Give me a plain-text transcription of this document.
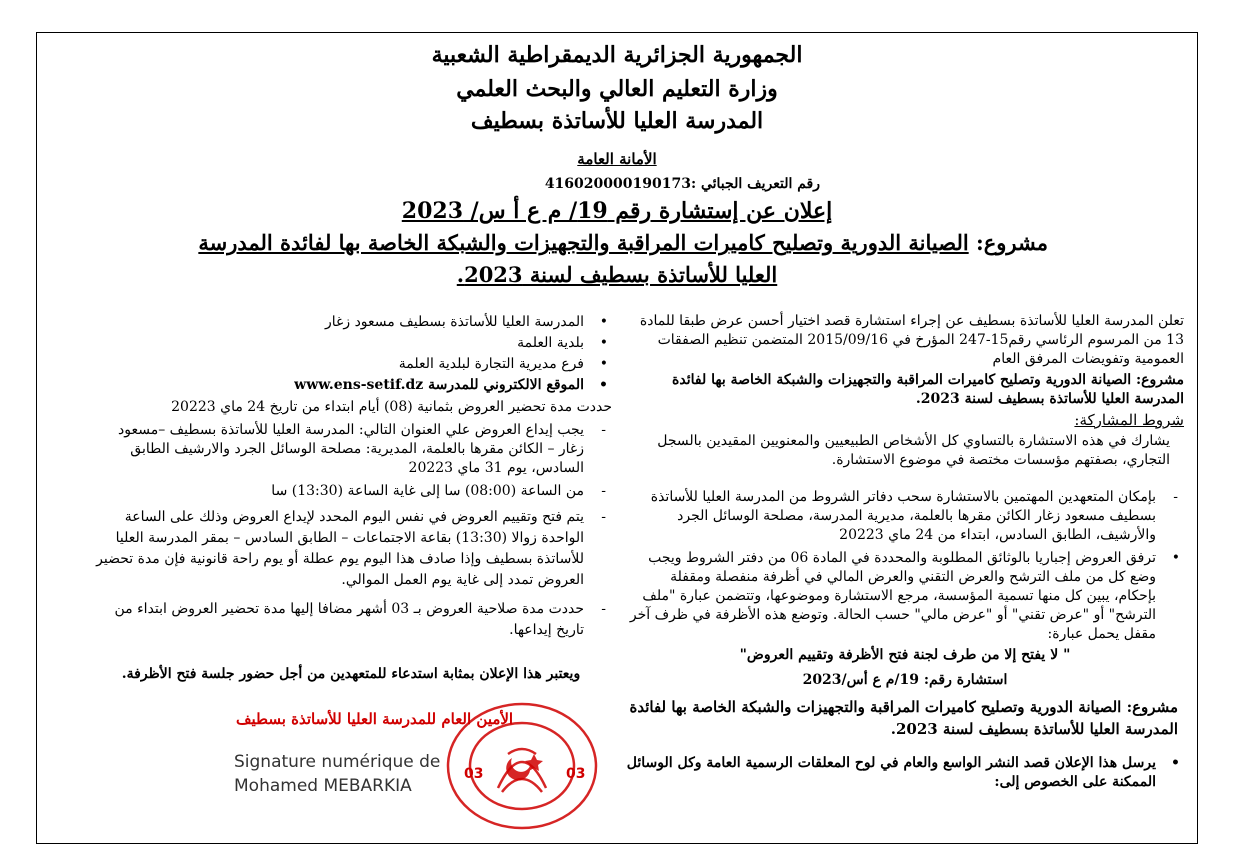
الجمهورية الجزائرية الديمقراطية الشعبية
وزارة التعليم العالي والبحث العلمي
المدرسة العليا للأساتذة بسطيف
الأمانة العامة
رقم التعريف الجبائي :416020000190173
إعلان عن إستشارة رقم 19/ م ع أ س/ 2023
مشروع: الصيانة الدورية وتصليح كاميرات المراقبة والتجهيزات والشبكة الخاصة بها لفائدة المدرسة
العليا للأساتذة بسطيف لسنة 2023.

تعلن المدرسة العليا للأساتذة بسطيف عن إجراء استشارة قصد اختيار أحسن عرض طبقا للمادة 13 من المرسوم الرئاسي رقم15-247 المؤرخ في 2015/09/16 المتضمن تنظيم الصفقات العمومية وتفويضات المرفق العام

مشروع: الصيانة الدورية وتصليح كاميرات المراقبة والتجهيزات والشبكة الخاصة بها لفائدة المدرسة العليا للأساتذة بسطيف لسنة 2023.

شروط المشاركة:

يشارك في هذه الاستشارة بالتساوي كل الأشخاص الطبيعيين والمعنويين المقيدين بالسجل التجاري، بصفتهم مؤسسات مختصة في موضوع الاستشارة.

-
بإمكان المتعهدين المهتمين بالاستشارة سحب دفاتر الشروط من المدرسة العليا للأساتذة بسطيف مسعود زغار الكائن مقرها بالعلمة، مديرية المدرسة، مصلحة الوسائل الجرد والأرشيف، الطابق السادس، ابتداء من 24 ماي 20223

•
ترفق العروض إجباريا بالوثائق المطلوبة والمحددة في المادة 06 من دفتر الشروط ويجب وضع كل من ملف الترشح والعرض التقني والعرض المالي في أظرفة منفصلة ومقفلة بإحكام، يبين كل منها تسمية المؤسسة، مرجع الاستشارة وموضوعها، وتتضمن عبارة "ملف الترشح" أو "عرض تقني" أو "عرض مالي" حسب الحالة. وتوضع هذه الأظرفة في ظرف آخر مقفل يحمل عبارة:

" لا يفتح إلا من طرف لجنة فتح الأظرفة وتقييم العروض"

استشارة رقم: 19/م ع أس/2023

مشروع: الصيانة الدورية وتصليح كاميرات المراقبة والتجهيزات والشبكة الخاصة بها لفائدة المدرسة العليا للأساتذة بسطيف لسنة 2023.

•
يرسل هذا الإعلان قصد النشر الواسع والعام في لوح المعلقات الرسمية العامة وكل الوسائل الممكنة على الخصوص إلى:

•
المدرسة العليا للأساتذة بسطيف مسعود زغار

•
بلدية العلمة

•
فرع مديرية التجارة لبلدية العلمة

•
الموقع الالكتروني للمدرسة www.ens-setif.dz

حددت مدة تحضير العروض بثمانية (08) أيام ابتداء من تاريخ 24 ماي 20223

-
يجب إيداع العروض علي العنوان التالي: المدرسة العليا للأساتذة بسطيف –مسعود زغار – الكائن مقرها بالعلمة، المديرية: مصلحة الوسائل الجرد والارشيف الطابق السادس، يوم 31 ماي 20223

-
من الساعة (08:00) سا إلى غاية الساعة (13:30) سا

-
يتم فتح وتقييم العروض في نفس اليوم المحدد لإيداع العروض وذلك على الساعة الواحدة زوالا (13:30) بقاعة الاجتماعات – الطابق السادس – بمقر المدرسة العليا للأساتذة بسطيف وإذا صادف هذا اليوم يوم عطلة أو يوم راحة قانونية فإن مدة تحضير العروض تمدد إلى غاية يوم العمل الموالي.

-
حددت مدة صلاحية العروض بـ 03 أشهر مضافا إليها مدة تحضير العروض ابتداء من تاريخ إيداعها.

ويعتبر هذا الإعلان بمثابة استدعاء للمتعهدين من أجل حضور جلسة فتح الأظرفة.

الأمين العام للمدرسة العليا للأساتذة بسطيف
Signature numérique de
Mohamed MEBARKIA
03	03
